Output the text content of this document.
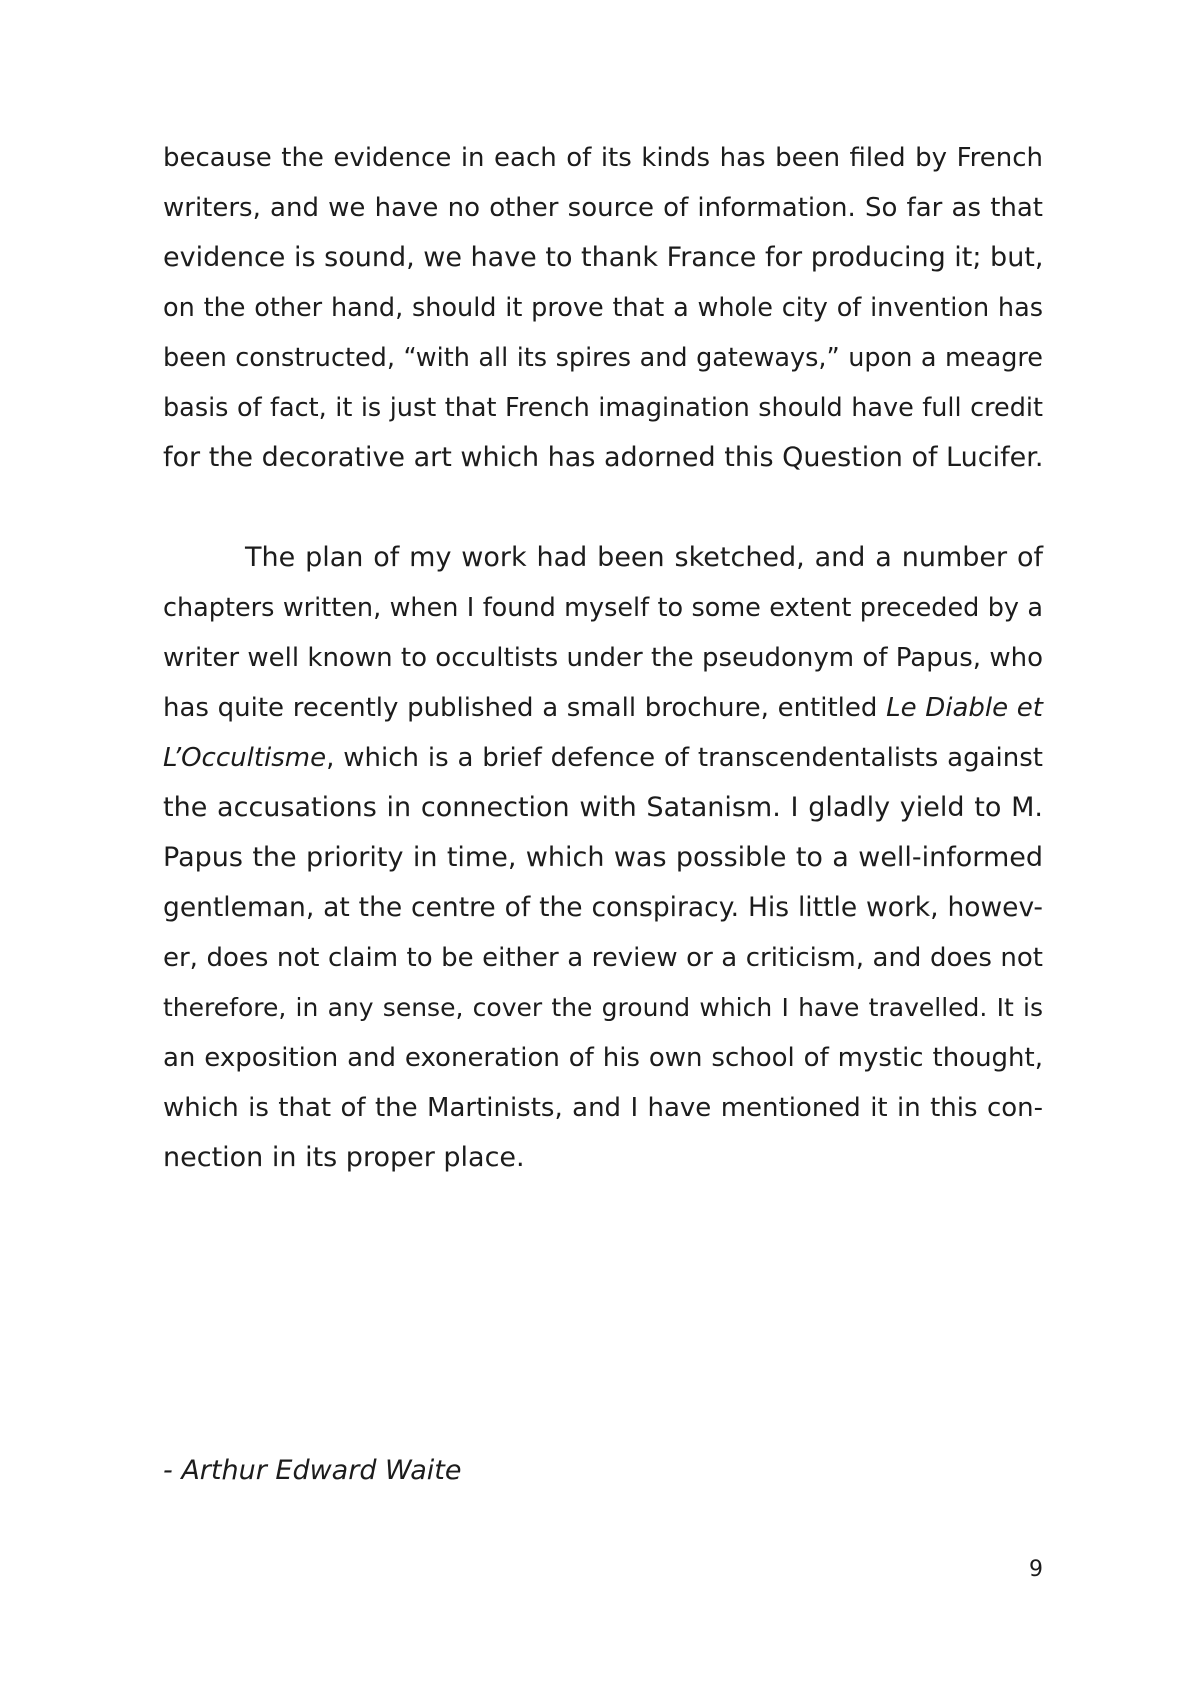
because the evidence in each of its kinds has been filed by French
writers, and we have no other source of information. So far as that
evidence is sound, we have to thank France for producing it; but,
on the other hand, should it prove that a whole city of invention has
been constructed, “with all its spires and gateways,” upon a meagre
basis of fact, it is just that French imagination should have full credit
for the decorative art which has adorned this Question of Lucifer.
The plan of my work had been sketched, and a number of
chapters written, when I found myself to some extent preceded by a
writer well known to occultists under the pseudonym of Papus, who
has quite recently published a small brochure, entitled Le Diable et
L’Occultisme, which is a brief defence of transcendentalists against
the accusations in connection with Satanism. I gladly yield to M.
Papus the priority in time, which was possible to a well-informed
gentleman, at the centre of the conspiracy. His little work, howev-
er, does not claim to be either a review or a criticism, and does not
therefore, in any sense, cover the ground which I have travelled. It is
an exposition and exoneration of his own school of mystic thought,
which is that of the Martinists, and I have mentioned it in this con-
nection in its proper place.
- Arthur Edward Waite
9
